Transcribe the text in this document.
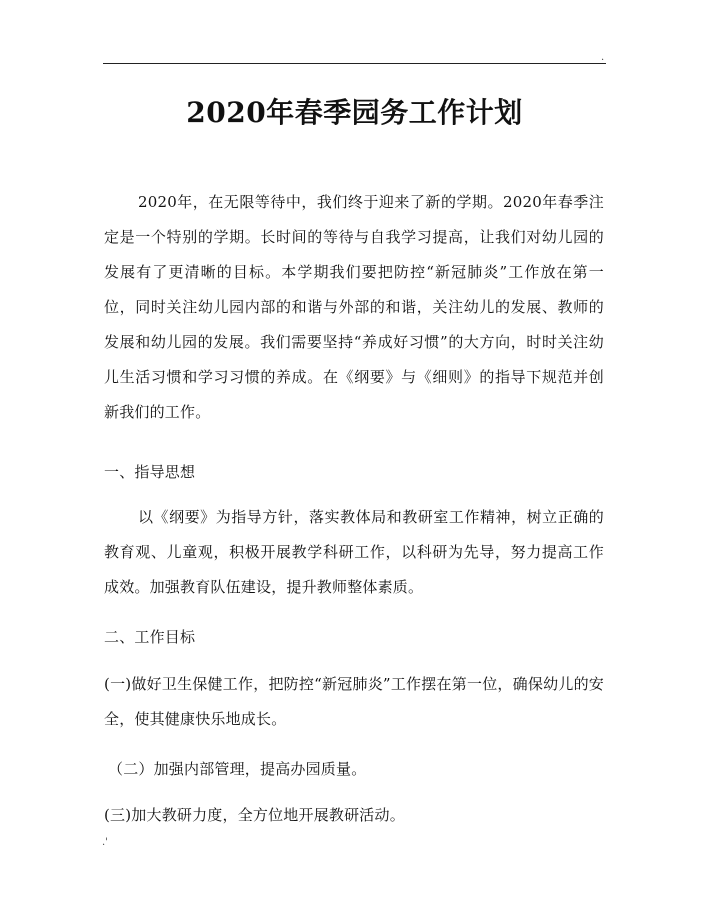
.
2020年春季园务工作计划
2020年，在无限等待中，我们终于迎来了新的学期。2020年春季注定是一个特别的学期。长时间的等待与自我学习提高，让我们对幼儿园的发展有了更清晰的目标。本学期我们要把防控“新冠肺炎”工作放在第一位，同时关注幼儿园内部的和谐与外部的和谐，关注幼儿的发展、教师的发展和幼儿园的发展。我们需要坚持“养成好习惯”的大方向，时时关注幼儿生活习惯和学习习惯的养成。在《纲要》与《细则》的指导下规范并创新我们的工作。
一、指导思想
以《纲要》为指导方针，落实教体局和教研室工作精神，树立正确的教育观、儿童观，积极开展教学科研工作，以科研为先导，努力提高工作成效。加强教育队伍建设，提升教师整体素质。
二、工作目标
(一)做好卫生保健工作，把防控“新冠肺炎”工作摆在第一位，确保幼儿的安全，使其健康快乐地成长。
（二）加强内部管理，提高办园质量。
(三)加大教研力度，全方位地开展教研活动。
.'
